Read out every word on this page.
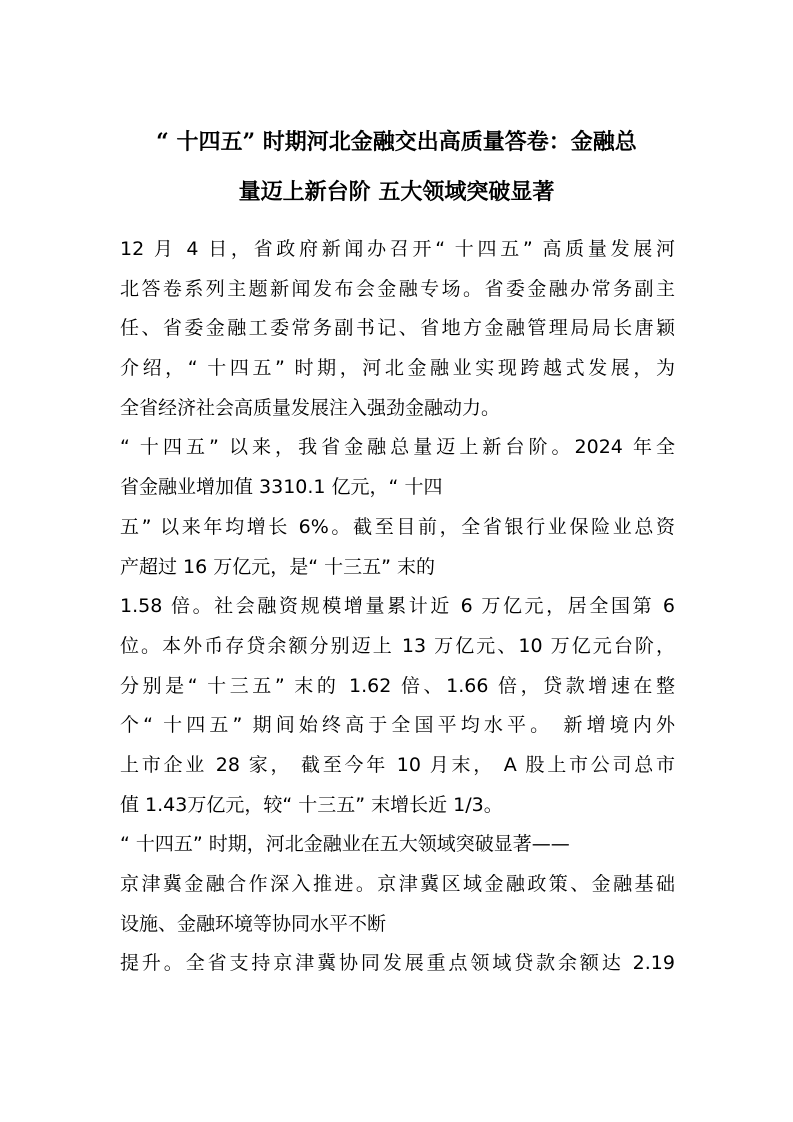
“ 十四五” 时期河北金融交出高质量答卷：金融总
量迈上新台阶 五大领域突破显著
12 月 4 日，省政府新闻办召开“ 十四五” 高质量发展河
北答卷系列主题新闻发布会金融专场。省委金融办常务副主
任、省委金融工委常务副书记、省地方金融管理局局长唐颖
介绍，“ 十四五” 时期，河北金融业实现跨越式发展，为
全省经济社会高质量发展注入强劲金融动力。
“ 十四五” 以来，我省金融总量迈上新台阶。2024 年全
省金融业增加值 3310.1 亿元，“ 十四
五” 以来年均增长 6%。截至目前，全省银行业保险业总资
产超过 16 万亿元，是“ 十三五” 末的
1.58 倍。社会融资规模增量累计近 6 万亿元，居全国第 6
位。本外币存贷余额分别迈上 13 万亿元、10 万亿元台阶，
分别是“ 十三五” 末的 1.62 倍、1.66 倍，贷款增速在整
个“ 十四五” 期间始终高于全国平均水平。 新增境内外
上市企业 28 家， 截至今年 10 月末， A 股上市公司总市
值 1.43万亿元，较“ 十三五” 末增长近 1/3。
“ 十四五” 时期，河北金融业在五大领域突破显著——
京津冀金融合作深入推进。京津冀区域金融政策、金融基础
设施、金融环境等协同水平不断
提升。全省支持京津冀协同发展重点领域贷款余额达 2.19
